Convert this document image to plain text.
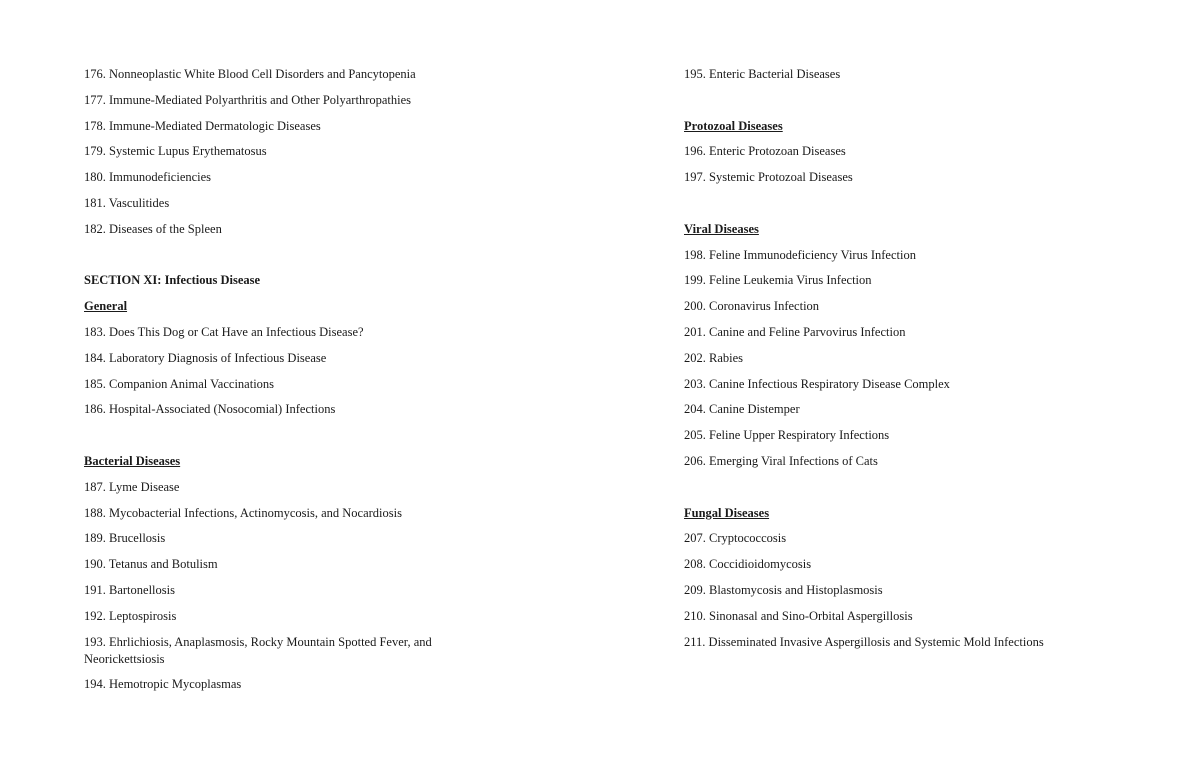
176. Nonneoplastic White Blood Cell Disorders and Pancytopenia
177. Immune-Mediated Polyarthritis and Other Polyarthropathies
178. Immune-Mediated Dermatologic Diseases
179. Systemic Lupus Erythematosus
180. Immunodeficiencies
181. Vasculitides
182. Diseases of the Spleen
SECTION XI: Infectious Disease
General
183. Does This Dog or Cat Have an Infectious Disease?
184. Laboratory Diagnosis of Infectious Disease
185. Companion Animal Vaccinations
186. Hospital-Associated (Nosocomial) Infections
Bacterial Diseases
187. Lyme Disease
188. Mycobacterial Infections, Actinomycosis, and Nocardiosis
189. Brucellosis
190. Tetanus and Botulism
191. Bartonellosis
192. Leptospirosis
193. Ehrlichiosis, Anaplasmosis, Rocky Mountain Spotted Fever, and Neorickettsiosis
194. Hemotropic Mycoplasmas
195. Enteric Bacterial Diseases
Protozoal Diseases
196. Enteric Protozoan Diseases
197. Systemic Protozoal Diseases
Viral Diseases
198. Feline Immunodeficiency Virus Infection
199. Feline Leukemia Virus Infection
200. Coronavirus Infection
201. Canine and Feline Parvovirus Infection
202. Rabies
203. Canine Infectious Respiratory Disease Complex
204. Canine Distemper
205. Feline Upper Respiratory Infections
206. Emerging Viral Infections of Cats
Fungal Diseases
207. Cryptococcosis
208. Coccidioidomycosis
209. Blastomycosis and Histoplasmosis
210. Sinonasal and Sino-Orbital Aspergillosis
211. Disseminated Invasive Aspergillosis and Systemic Mold Infections
